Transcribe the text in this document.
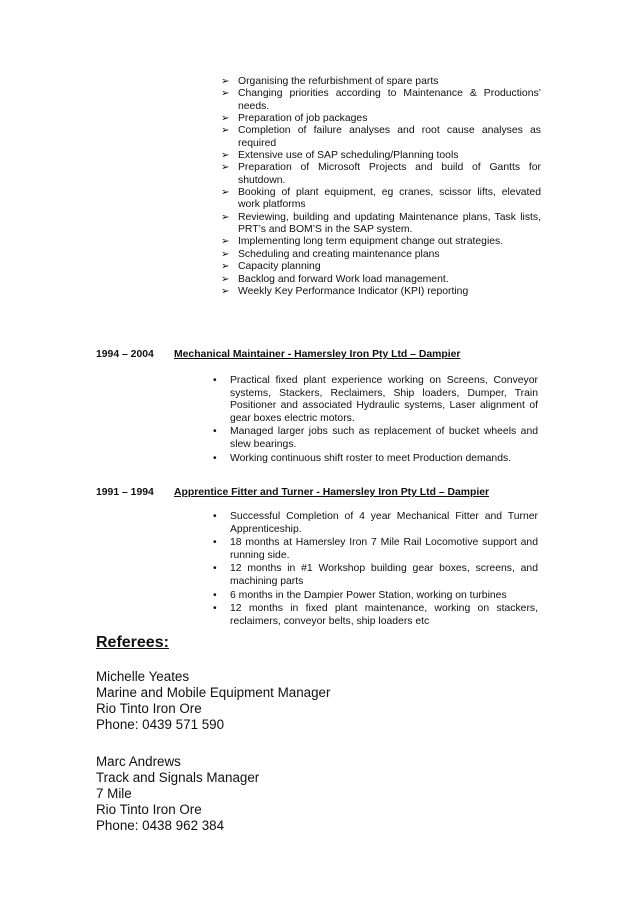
➢ Organising the refurbishment of spare parts
➢ Changing priorities according to Maintenance & Productions’ needs.
➢ Preparation of job packages
➢ Completion of failure analyses and root cause analyses as required
➢ Extensive use of SAP scheduling/Planning tools
➢ Preparation of Microsoft Projects and build of Gantts for shutdown.
➢ Booking of plant equipment, eg cranes, scissor lifts, elevated work platforms
➢ Reviewing, building and updating Maintenance plans, Task lists, PRT’s and BOM’S in the SAP system.
➢ Implementing long term equipment change out strategies.
➢ Scheduling and creating maintenance plans
➢ Capacity planning
➢ Backlog and forward Work load management.
➢ Weekly Key Performance Indicator (KPI) reporting
1994 – 2004 Mechanical Maintainer - Hamersley Iron Pty Ltd – Dampier
• Practical fixed plant experience working on Screens, Conveyor systems, Stackers, Reclaimers, Ship loaders, Dumper, Train Positioner and associated Hydraulic systems, Laser alignment of gear boxes electric motors.
• Managed larger jobs such as replacement of bucket wheels and slew bearings.
• Working continuous shift roster to meet Production demands.
1991 – 1994 Apprentice Fitter and Turner - Hamersley Iron Pty Ltd – Dampier
• Successful Completion of 4 year Mechanical Fitter and Turner Apprenticeship.
• 18 months at Hamersley Iron 7 Mile Rail Locomotive support and running side.
• 12 months in #1 Workshop building gear boxes, screens, and machining parts
• 6 months in the Dampier Power Station, working on turbines
• 12 months in fixed plant maintenance, working on stackers, reclaimers, conveyor belts, ship loaders etc
Referees:
Michelle Yeates
Marine and Mobile Equipment Manager
Rio Tinto Iron Ore
Phone: 0439 571 590
Marc Andrews
Track and Signals Manager
7 Mile
Rio Tinto Iron Ore
Phone: 0438 962 384
